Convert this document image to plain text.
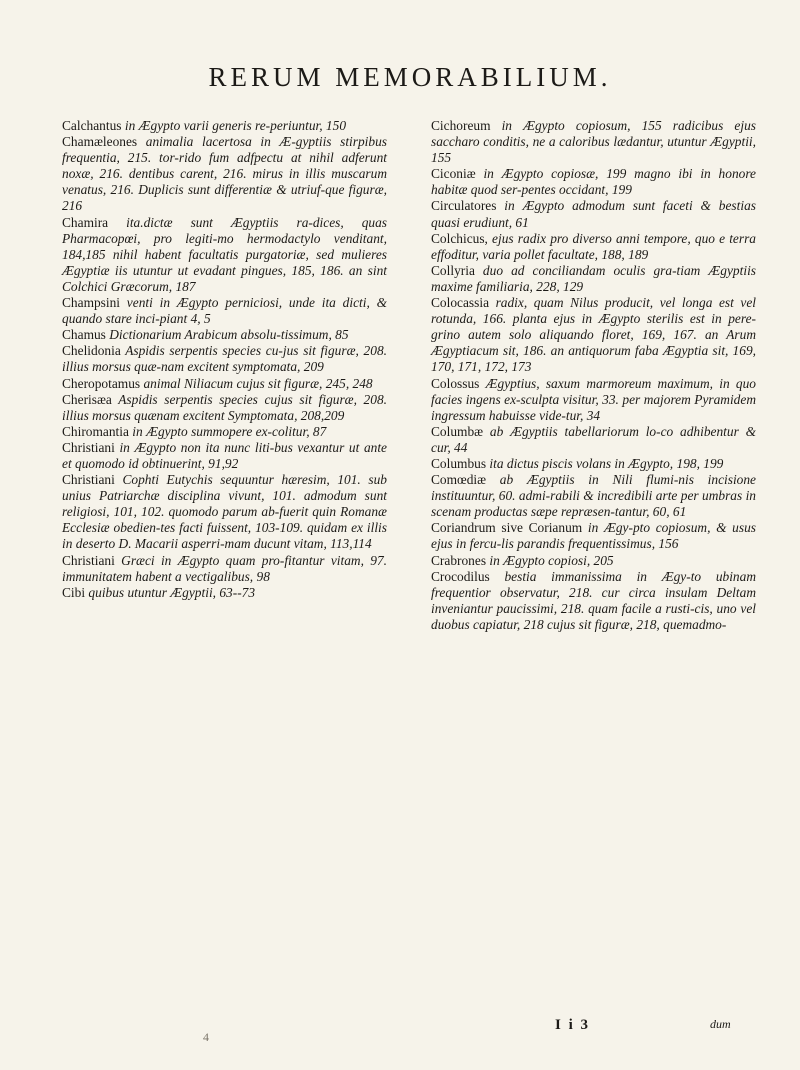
RERUM MEMORABILIUM.
Calchantus in Ægypto varii generis re-periuntur, 150
Chamæleones animalia lacertosa in Æ-gyptiis stirpibus frequentia, 215. tor-rido fum adfpectu at nihil adferunt noxæ, 216. dentibus carent, 216. mirus in illis muscarum venatus, 216. Duplicis sunt differentiæ & utriuf-que figuræ, 216
Chamira ita.dictæ sunt Ægyptiis ra-dices, quas Pharmacopœi, pro legiti-mo hermodactylo venditant, 184,185 nihil habent facultatis purgatoriæ, sed mulieres Ægyptiæ iis utuntur ut evadant pingues, 185, 186. an sint Colchici Græcorum, 187
Champsini venti in Ægypto perniciosi, unde ita dicti, & quando stare inci-piant 4, 5
Chamus Dictionarium Arabicum absolu-tissimum, 85
Chelidonia Aspidis serpentis species cu-jus sit figuræ, 208. illius morsus quæ-nam excitent symptomata, 209
Cheropotamus animal Niliacum cujus sit figuræ, 245, 248
Cherisæa Aspidis serpentis species cujus sit figuræ, 208. illius morsus quænam excitent Symptomata, 208,209
Chiromantia in Ægypto summopere ex-colitur, 87
Christiani in Ægypto non ita nunc liti-bus vexantur ut ante et quomodo id obtinuerint, 91,92
Christiani Cophti Eutychis sequuntur hæresim, 101. sub unius Patriarchæ disciplina vivunt, 101. admodum sunt religiosi, 101, 102. quomodo parum ab-fuerit quin Romanæ Ecclesiæ obedien-tes facti fuissent, 103-109. quidam ex illis in deserto D. Macarii asperri-mam ducunt vitam, 113,114
Christiani Græci in Ægypto quam pro-fitantur vitam, 97. immunitatem habent a vectigalibus, 98
Cibi quibus utuntur Ægyptii, 63--73
Cichoreum in Ægypto copiosum, 155 radicibus ejus saccharo conditis, ne a caloribus lædantur, utuntur Ægyptii, 155
Ciconiæ in Ægypto copiosæ, 199 magno ibi in honore habitæ quod ser-pentes occidant, 199
Circulatores in Ægypto admodum sunt faceti & bestias quasi erudiunt, 61
Colchicus, ejus radix pro diverso anni tempore, quo e terra effoditur, varia pollet facultate, 188, 189
Collyria duo ad conciliandam oculis gra-tiam Ægyptiis maxime familiaria, 228, 129
Colocassia radix, quam Nilus producit, vel longa est vel rotunda, 166. planta ejus in Ægypto sterilis est in pere-grino autem solo aliquando floret, 169, 167. an Arum Ægyptiacum sit, 186. an antiquorum faba Ægyptia sit, 169, 170, 171, 172, 173
Colossus Ægyptius, saxum marmoreum maximum, in quo facies ingens ex-sculpta visitur, 33. per majorem Pyramidem ingressum habuisse vide-tur, 34
Columbæ ab Ægyptiis tabellariorum lo-co adhibentur & cur, 44
Columbus ita dictus piscis volans in Ægypto, 198, 199
Comœdiæ ab Ægyptiis in Nili flumi-nis incisione instituuntur, 60. admi-rabili & incredibili arte per umbras in scenam productas sæpe repræsen-tantur, 60, 61
Coriandrum sive Corianum in Ægy-pto copiosum, & usus ejus in fercu-lis parandis frequentissimus, 156
Crabrones in Ægypto copiosi, 205
Crocodilus bestia immanissima in Ægy-to ubinam frequentior observatur, 218. cur circa insulam Deltam inveniantur paucissimi, 218. quam facile a rusti-cis, uno vel duobus capiatur, 218 cujus sit figuræ, 218, quemadmo-
I i 3	dum
4
